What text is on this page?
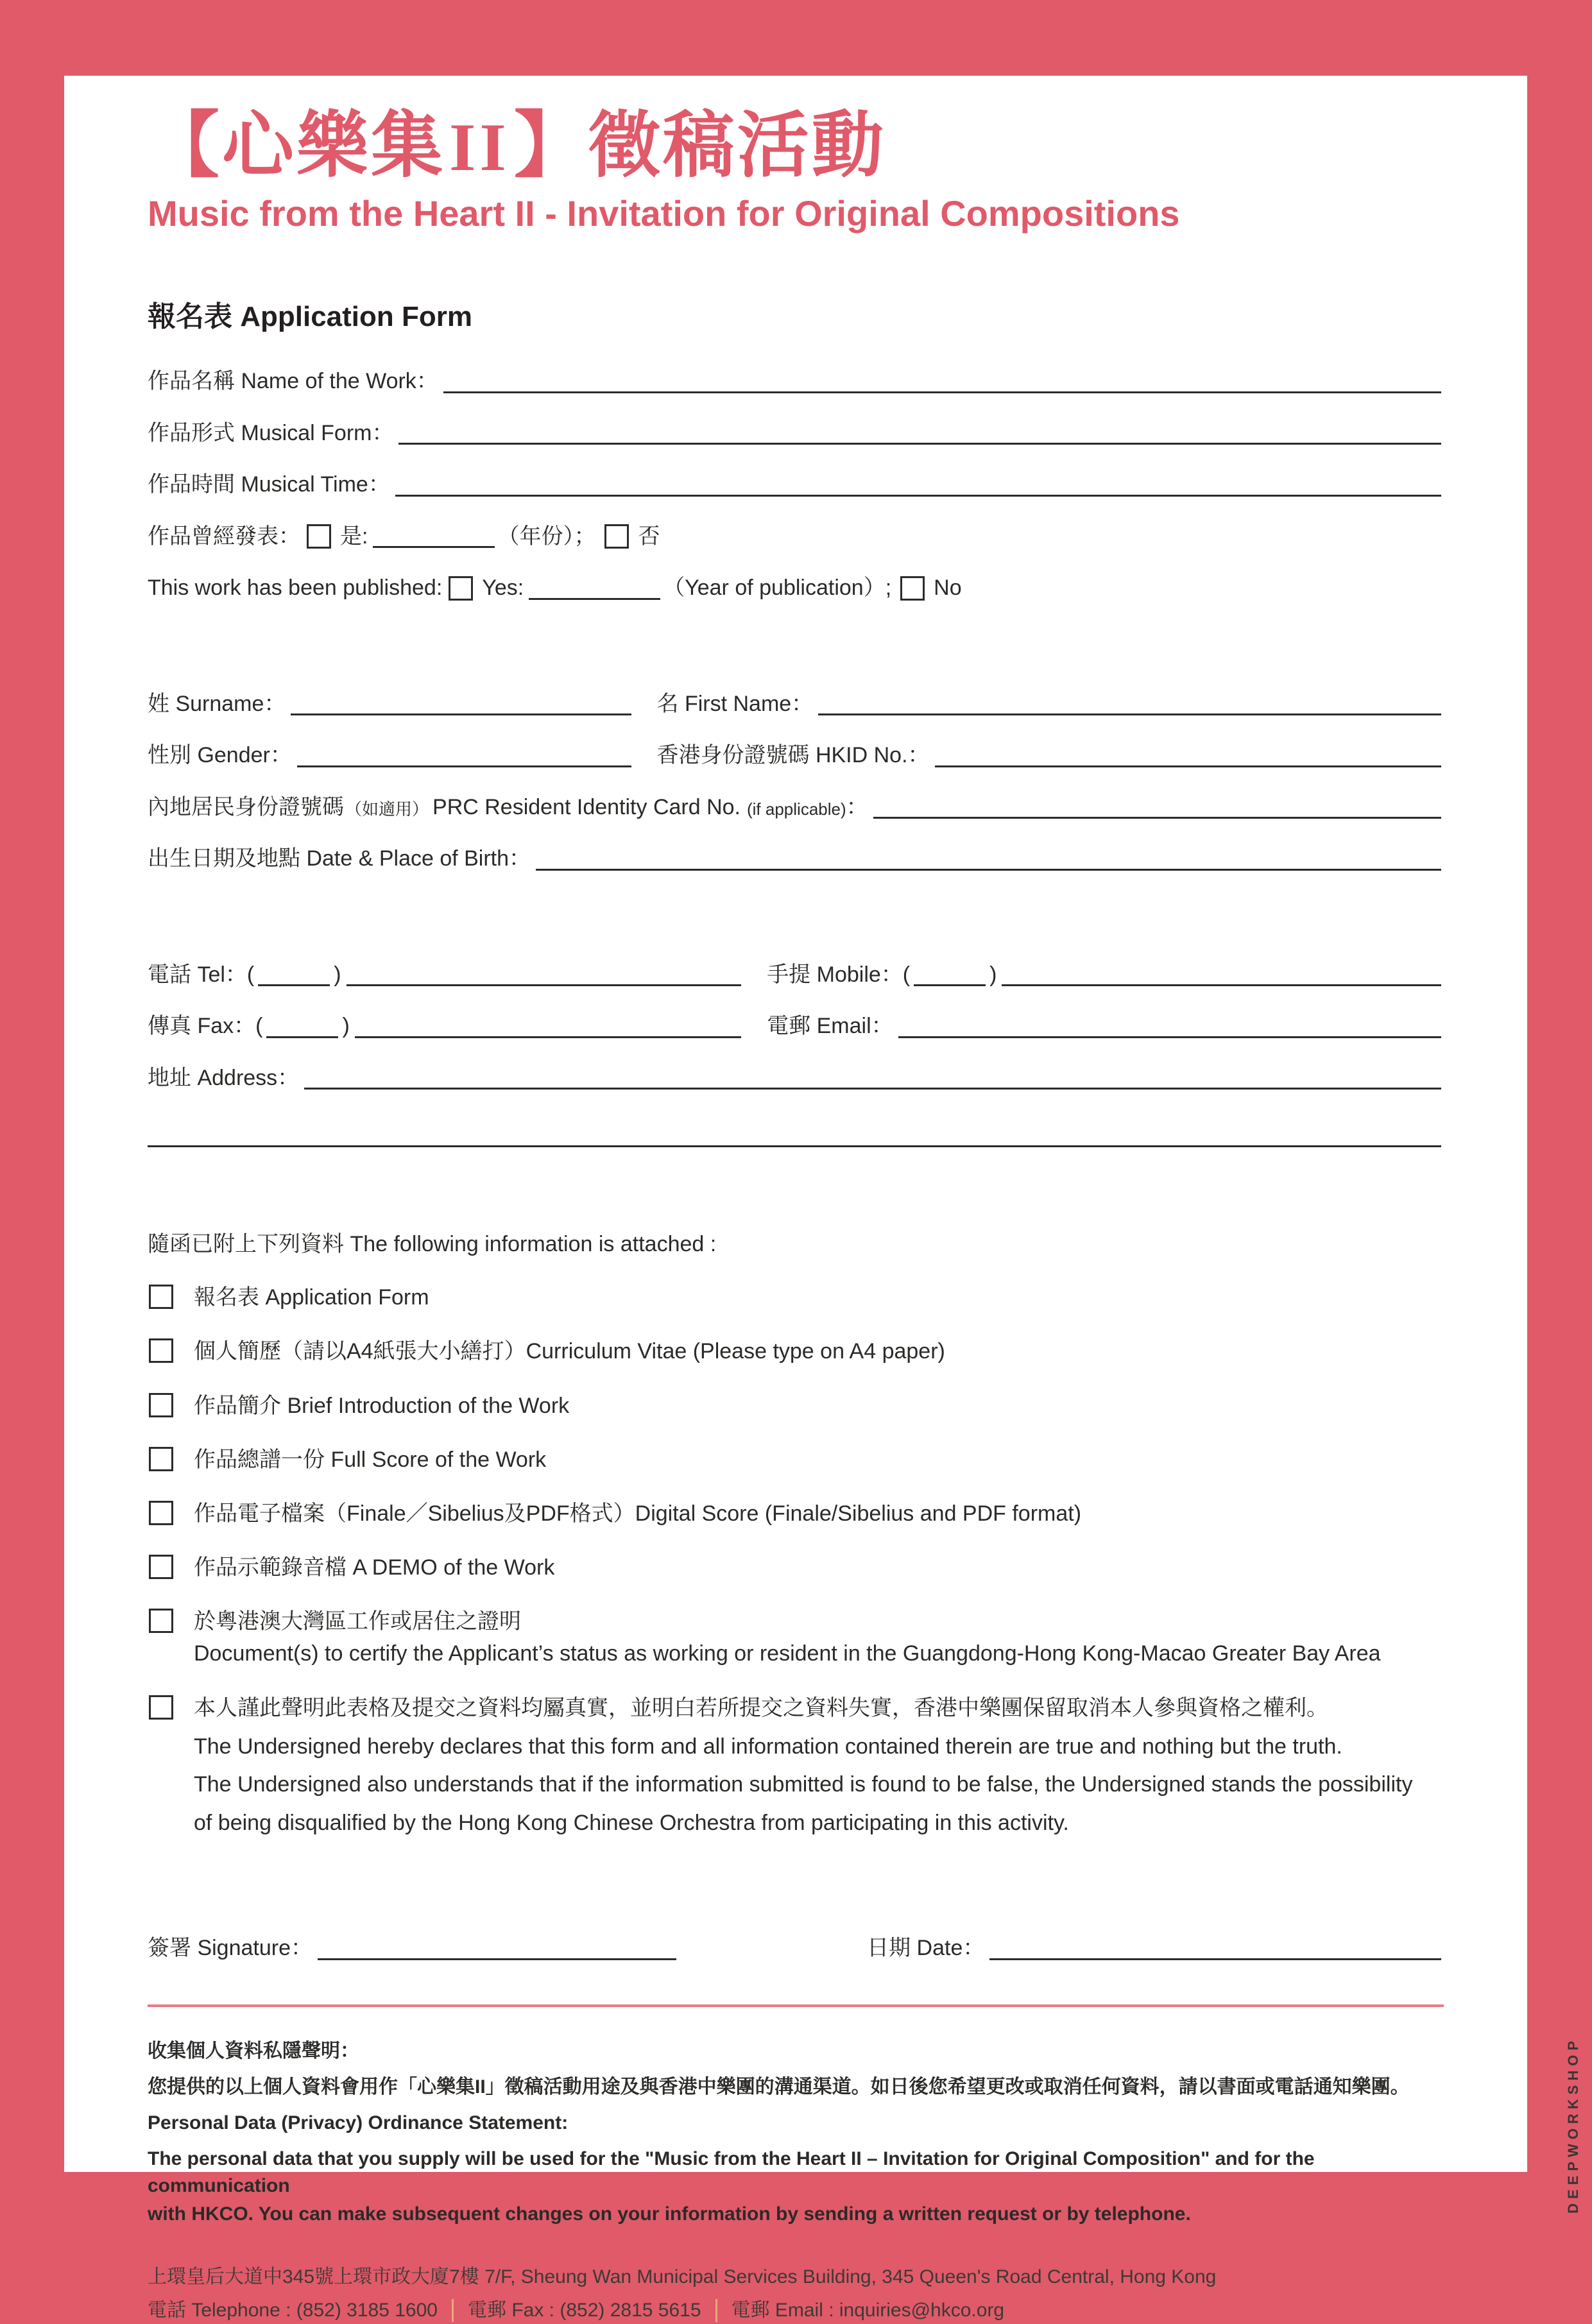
【心樂集II】徵稿活動
Music from the Heart II - Invitation for Original Compositions
報名表 Application Form
作品名稱 Name of the Work：
作品形式 Musical Form：
作品時間 Musical Time：
作品曾經發表： 是:	（年份）； 否
This work has been published: Yes:	（Year of publication）; No
姓 Surname：	名 First Name：
性別 Gender：	香港身份證號碼 HKID No.：
內地居民身份證號碼 （如適用） PRC Resident Identity Card No. (if applicable) ：
出生日期及地點 Date & Place of Birth：
電話 Tel： (	)	手提 Mobile： (	)
傳真 Fax： (	)	電郵 Email：
地址 Address：
隨函已附上下列資料 The following information is attached :
報名表 Application Form
個人簡歷（請以A4紙張大小繕打）Curriculum Vitae (Please type on A4 paper)
作品簡介 Brief Introduction of the Work
作品總譜一份 Full Score of the Work
作品電子檔案（Finale／Sibelius及PDF格式）Digital Score (Finale/Sibelius and PDF format)
作品示範錄音檔 A DEMO of the Work
於粵港澳大灣區工作或居住之證明
Document(s) to certify the Applicant’s status as working or resident in the Guangdong-Hong Kong-Macao Greater Bay Area
本人謹此聲明此表格及提交之資料均屬真實，並明白若所提交之資料失實，香港中樂團保留取消本人參與資格之權利。
The Undersigned hereby declares that this form and all information contained therein are true and nothing but the truth.
The Undersigned also understands that if the information submitted is found to be false, the Undersigned stands the possibility
of being disqualified by the Hong Kong Chinese Orchestra from participating in this activity.
簽署 Signature：	日期 Date：
收集個人資料私隱聲明：
您提供的以上個人資料會用作「心樂集II」徵稿活動用途及與香港中樂團的溝通渠道。如日後您希望更改或取消任何資料，請以書面或電話通知樂團。
Personal Data (Privacy) Ordinance Statement:
The personal data that you supply will be used for the "Music from the Heart II – Invitation for Original Composition" and for the communication
with HKCO. You can make subsequent changes on your information by sending a written request or by telephone.
上環皇后大道中345號上環市政大廈7樓 7/F, Sheung Wan Municipal Services Building, 345 Queen's Road Central, Hong Kong
電話 Telephone : (852) 3185 1600 電郵 Fax : (852) 2815 5615 電郵 Email : inquiries@hkco.org
DEEPWORKSHOP
